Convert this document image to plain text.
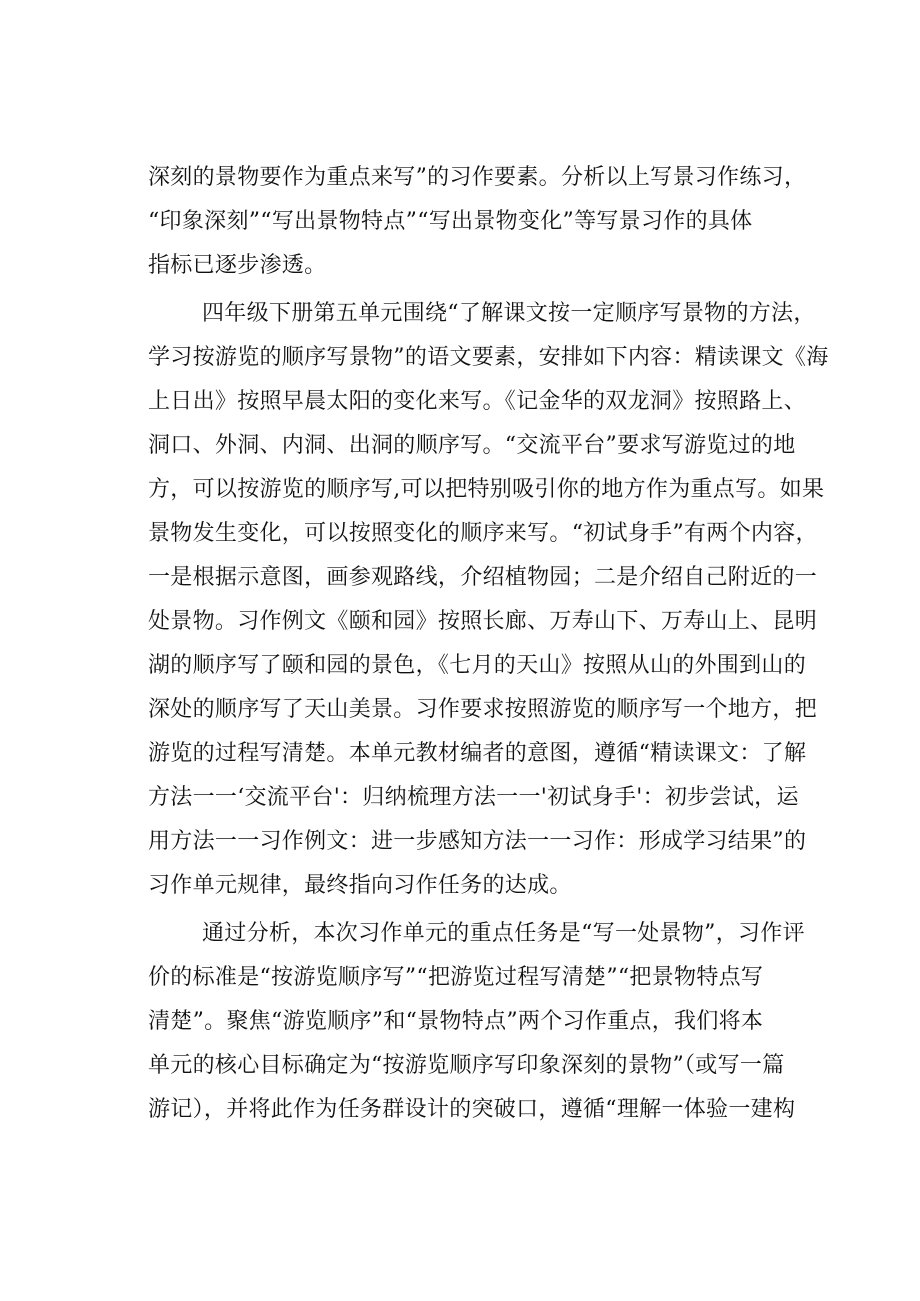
深刻的景物要作为重点来写”的习作要素。分析以上写景习作练习，
“印象深刻”“写出景物特点”“写出景物变化”等写景习作的具体
指标已逐步渗透。
四年级下册第五单元围绕“了解课文按一定顺序写景物的方法，
学习按游览的顺序写景物”的语文要素，安排如下内容：精读课文《海
上日出》按照早晨太阳的变化来写。《记金华的双龙洞》按照路上、
洞口、外洞、内洞、出洞的顺序写。“交流平台”要求写游览过的地
方，可以按游览的顺序写,可以把特别吸引你的地方作为重点写。如果
景物发生变化，可以按照变化的顺序来写。“初试身手”有两个内容，
一是根据示意图，画参观路线，介绍植物园；二是介绍自己附近的一
处景物。习作例文《颐和园》按照长廊、万寿山下、万寿山上、昆明
湖的顺序写了颐和园的景色，《七月的天山》按照从山的外围到山的
深处的顺序写了天山美景。习作要求按照游览的顺序写一个地方，把
游览的过程写清楚。本单元教材编者的意图，遵循“精读课文：了解
方法一一‘交流平台'：归纳梳理方法一一'初试身手'：初步尝试，运
用方法一一习作例文：进一步感知方法一一习作：形成学习结果”的
习作单元规律，最终指向习作任务的达成。
通过分析，本次习作单元的重点任务是“写一处景物”，习作评
价的标准是“按游览顺序写”“把游览过程写清楚”“把景物特点写
清楚”。聚焦“游览顺序”和“景物特点”两个习作重点，我们将本
单元的核心目标确定为“按游览顺序写印象深刻的景物”（或写一篇
游记），并将此作为任务群设计的突破口，遵循“理解一体验一建构
